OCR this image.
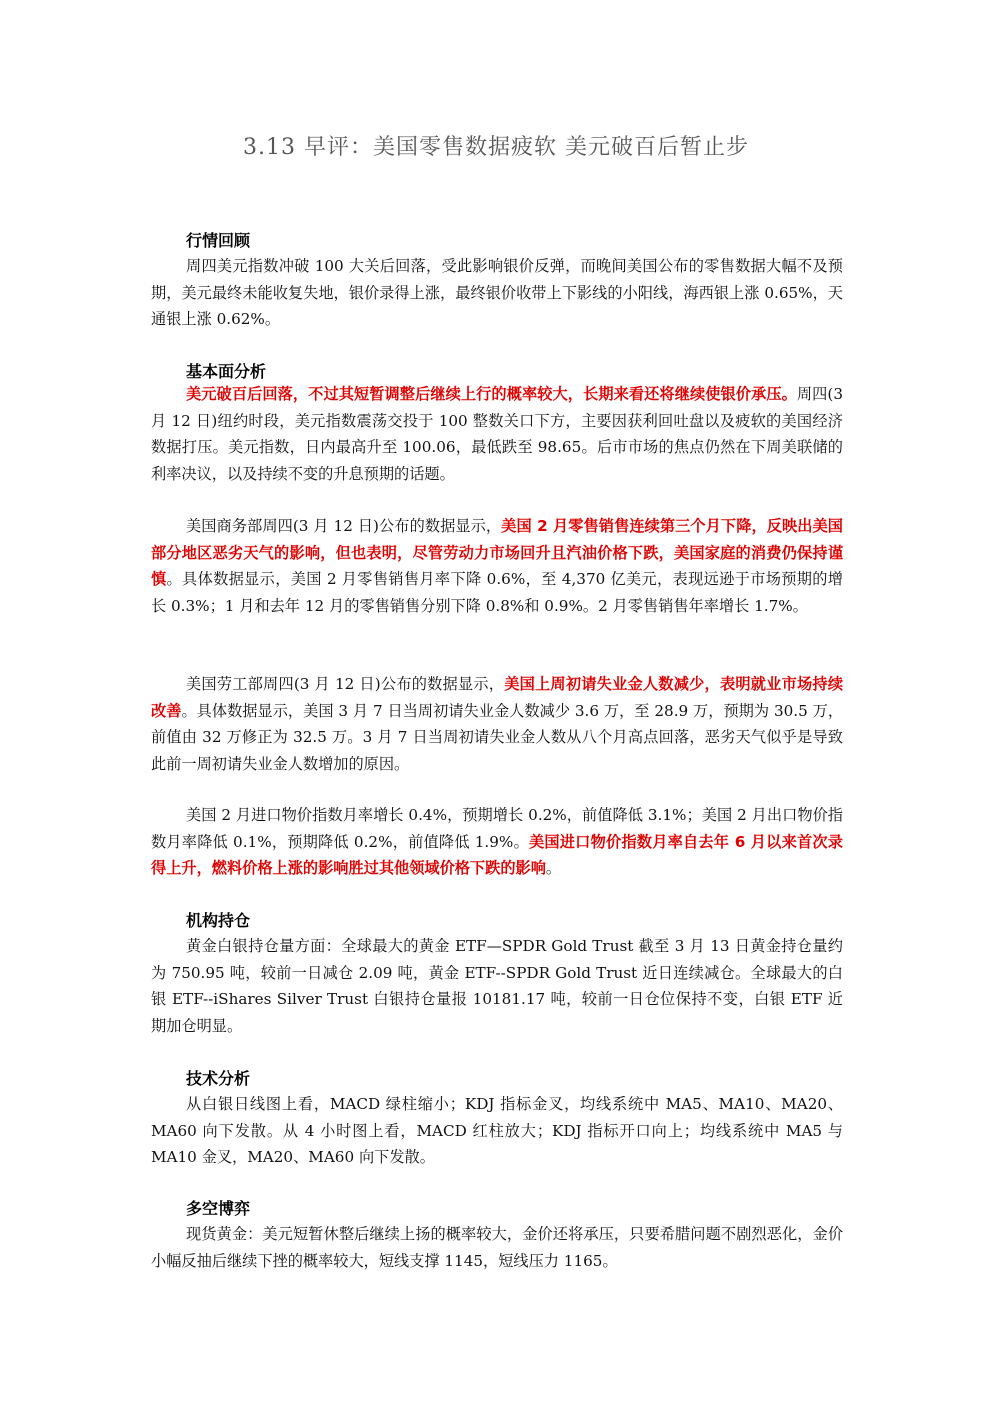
3.13 早评：美国零售数据疲软 美元破百后暂止步
行情回顾
周四美元指数冲破 100 大关后回落，受此影响银价反弹，而晚间美国公布的零售数据大幅不及预期，美元最终未能收复失地，银价录得上涨，最终银价收带上下影线的小阳线，海西银上涨 0.65%，天通银上涨 0.62%。
基本面分析
美元破百后回落，不过其短暂调整后继续上行的概率较大，长期来看还将继续使银价承压。周四(3 月 12 日)纽约时段，美元指数震荡交投于 100 整数关口下方，主要因获利回吐盘以及疲软的美国经济数据打压。美元指数，日内最高升至 100.06，最低跌至 98.65。后市市场的焦点仍然在下周美联储的利率决议，以及持续不变的升息预期的话题。
美国商务部周四(3 月 12 日)公布的数据显示，美国 2 月零售销售连续第三个月下降，反映出美国部分地区恶劣天气的影响，但也表明，尽管劳动力市场回升且汽油价格下跌，美国家庭的消费仍保持谨慎。具体数据显示，美国 2 月零售销售月率下降 0.6%，至 4,370 亿美元，表现远逊于市场预期的增长 0.3%；1 月和去年 12 月的零售销售分别下降 0.8%和 0.9%。2 月零售销售年率增长 1.7%。
美国劳工部周四(3 月 12 日)公布的数据显示，美国上周初请失业金人数减少，表明就业市场持续改善。具体数据显示，美国 3 月 7 日当周初请失业金人数减少 3.6 万，至 28.9 万，预期为 30.5 万，前值由 32 万修正为 32.5 万。3 月 7 日当周初请失业金人数从八个月高点回落，恶劣天气似乎是导致此前一周初请失业金人数增加的原因。
美国 2 月进口物价指数月率增长 0.4%，预期增长 0.2%，前值降低 3.1%；美国 2 月出口物价指数月率降低 0.1%，预期降低 0.2%，前值降低 1.9%。美国进口物价指数月率自去年 6 月以来首次录得上升，燃料价格上涨的影响胜过其他领域价格下跌的影响。
机构持仓
黄金白银持仓量方面：全球最大的黄金 ETF—SPDR Gold Trust 截至 3 月 13 日黄金持仓量约为 750.95 吨，较前一日减仓 2.09 吨，黄金 ETF--SPDR Gold Trust 近日连续减仓。全球最大的白银 ETF--iShares Silver Trust 白银持仓量报 10181.17 吨，较前一日仓位保持不变，白银 ETF 近期加仓明显。
技术分析
从白银日线图上看，MACD 绿柱缩小；KDJ 指标金叉，均线系统中 MA5、MA10、MA20、MA60 向下发散。从 4 小时图上看，MACD 红柱放大；KDJ 指标开口向上；均线系统中 MA5 与 MA10 金叉，MA20、MA60 向下发散。
多空博弈
现货黄金：美元短暂休整后继续上扬的概率较大，金价还将承压，只要希腊问题不剧烈恶化，金价小幅反抽后继续下挫的概率较大，短线支撑 1145，短线压力 1165。
